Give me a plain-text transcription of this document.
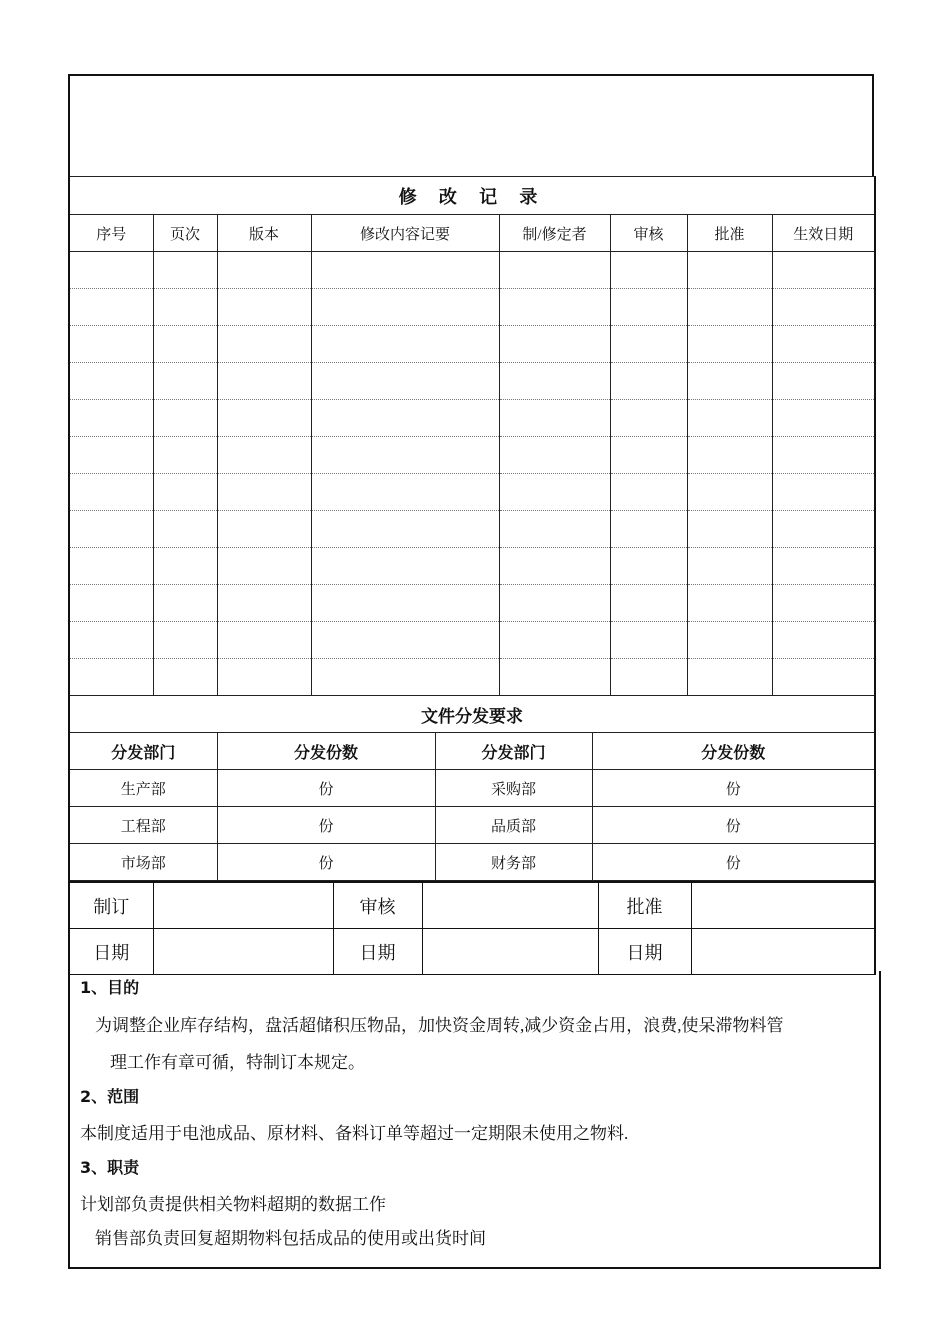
修 改 记 录							
序号	页次	版本	修改内容记要	制/修定者	审核	批准	生效日期

文件分发要求			
分发部门	分发份数	分发部门	分发份数
生产部	份	采购部	份
工程部	份	品质部	份
市场部	份	财务部	份
制订		审核		批准	
日期		日期		日期	
1、目的
为调整企业库存结构，盘活超储积压物品，加快资金周转,减少资金占用，浪费,使呆滞物料管
理工作有章可循，特制订本规定。
2、范围
本制度适用于电池成品、原材料、备料订单等超过一定期限未使用之物料.
3、职责
计划部负责提供相关物料超期的数据工作
销售部负责回复超期物料包括成品的使用或出货时间
